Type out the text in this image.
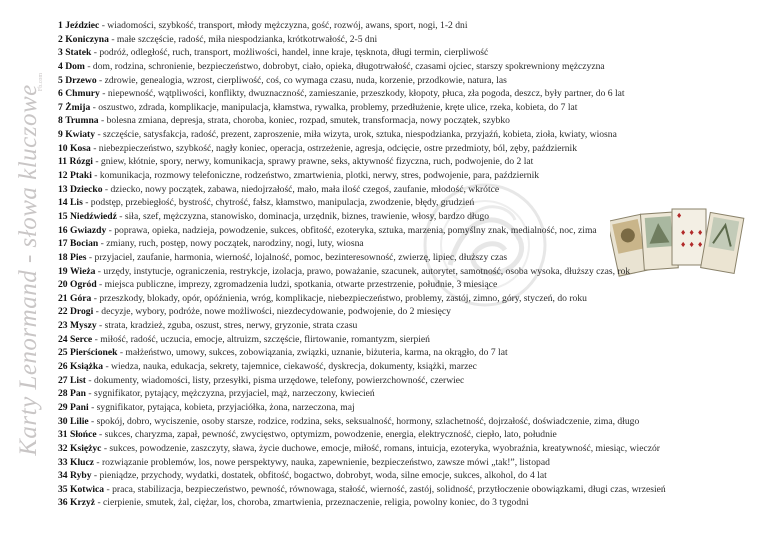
Karty Lenormand - słowa kluczowe
Fb.com
♦
♦ ♦ ♦
♦ ♦ ♦
1 Jeździec - wiadomości, szybkość, transport, młody mężczyzna, gość, rozwój, awans, sport, nogi, 1-2 dni
2 Koniczyna - małe szczęście, radość, miła niespodzianka, krótkotrwałość, 2-5 dni
3 Statek - podróż, odległość, ruch, transport, możliwości, handel, inne kraje, tęsknota, długi termin, cierpliwość
4 Dom - dom, rodzina, schronienie, bezpieczeństwo, dobrobyt, ciało, opieka, długotrwałość, czasami ojciec, starszy spokrewniony mężczyzna
5 Drzewo - zdrowie, genealogia, wzrost, cierpliwość, coś, co wymaga czasu, nuda, korzenie, przodkowie, natura, las
6 Chmury - niepewność, wątpliwości, konflikty, dwuznaczność, zamieszanie, przeszkody, kłopoty, płuca, zła pogoda, deszcz, były partner, do 6 lat
7 Żmija - oszustwo, zdrada, komplikacje, manipulacja, kłamstwa, rywalka, problemy, przedłużenie, kręte ulice, rzeka, kobieta, do 7 lat
8 Trumna - bolesna zmiana, depresja, strata, choroba, koniec, rozpad, smutek, transformacja, nowy początek, szybko
9 Kwiaty - szczęście, satysfakcja, radość, prezent, zaproszenie, miła wizyta, urok, sztuka, niespodzianka, przyjaźń, kobieta, zioła, kwiaty, wiosna
10 Kosa - niebezpieczeństwo, szybkość, nagły koniec, operacja, ostrzeżenie, agresja, odcięcie, ostre przedmioty, ból, zęby, październik
11 Rózgi - gniew, kłótnie, spory, nerwy, komunikacja, sprawy prawne, seks, aktywność fizyczna, ruch, podwojenie, do 2 lat
12 Ptaki - komunikacja, rozmowy telefoniczne, rodzeństwo, zmartwienia, plotki, nerwy, stres, podwojenie, para, październik
13 Dziecko - dziecko, nowy początek, zabawa, niedojrzałość, mało, mała ilość czegoś, zaufanie, młodość, wkrótce
14 Lis - podstęp, przebiegłość, bystrość, chytrość, fałsz, kłamstwo, manipulacja, zwodzenie, błędy, grudzień
15 Niedźwiedź - siła, szef, mężczyzna, stanowisko, dominacja, urzędnik, biznes, trawienie, włosy, bardzo długo
16 Gwiazdy - poprawa, opieka, nadzieja, powodzenie, sukces, obfitość, ezoteryka, sztuka, marzenia, pomyślny znak, medialność, noc, zima
17 Bocian - zmiany, ruch, postęp, nowy początek, narodziny, nogi, luty, wiosna
18 Pies - przyjaciel, zaufanie, harmonia, wierność, lojalność, pomoc, bezinteresowność, zwierzę, lipiec, dłuższy czas
19 Wieża - urzędy, instytucje, ograniczenia, restrykcje, izolacja, prawo, poważanie, szacunek, autorytet, samotność, osoba wysoka, dłuższy czas, rok
20 Ogród - miejsca publiczne, imprezy, zgromadzenia ludzi, spotkania, otwarte przestrzenie, południe, 3 miesiące
21 Góra - przeszkody, blokady, opór, opóźnienia, wróg, komplikacje, niebezpieczeństwo, problemy, zastój, zimno, góry, styczeń, do roku
22 Drogi - decyzje, wybory, podróże, nowe możliwości, niezdecydowanie, podwojenie, do 2 miesięcy
23 Myszy - strata, kradzież, zguba, oszust, stres, nerwy, gryzonie, strata czasu
24 Serce - miłość, radość, uczucia, emocje, altruizm, szczęście, flirtowanie, romantyzm, sierpień
25 Pierścionek - małżeństwo, umowy, sukces, zobowiązania, związki, uznanie, biżuteria, karma, na okrągło, do 7 lat
26 Książka - wiedza, nauka, edukacja, sekrety, tajemnice, ciekawość, dyskrecja, dokumenty, książki, marzec
27 List - dokumenty, wiadomości, listy, przesyłki, pisma urzędowe, telefony, powierzchowność, czerwiec
28 Pan - sygnifikator, pytający, mężczyzna, przyjaciel, mąż, narzeczony, kwiecień
29 Pani - sygnifikator, pytająca, kobieta, przyjaciółka, żona, narzeczona, maj
30 Lilie - spokój, dobro, wyciszenie, osoby starsze, rodzice, rodzina, seks, seksualność, hormony, szlachetność, dojrzałość, doświadczenie, zima, długo
31 Słońce - sukces, charyzma, zapał, pewność, zwycięstwo, optymizm, powodzenie, energia, elektryczność, ciepło, lato, południe
32 Księżyc - sukces, powodzenie, zaszczyty, sława, życie duchowe, emocje, miłość, romans, intuicja, ezoteryka, wyobraźnia, kreatywność, miesiąc, wieczór
33 Klucz - rozwiązanie problemów, los, nowe perspektywy, nauka, zapewnienie, bezpieczeństwo, zawsze mówi „tak!”, listopad
34 Ryby - pieniądze, przychody, wydatki, dostatek, obfitość, bogactwo, dobrobyt, woda, silne emocje, sukces, alkohol, do 4 lat
35 Kotwica - praca, stabilizacja, bezpieczeństwo, pewność, równowaga, stałość, wierność, zastój, solidność, przytłoczenie obowiązkami, długi czas, wrzesień
36 Krzyż - cierpienie, smutek, żal, ciężar, los, choroba, zmartwienia, przeznaczenie, religia, powolny koniec, do 3 tygodni
